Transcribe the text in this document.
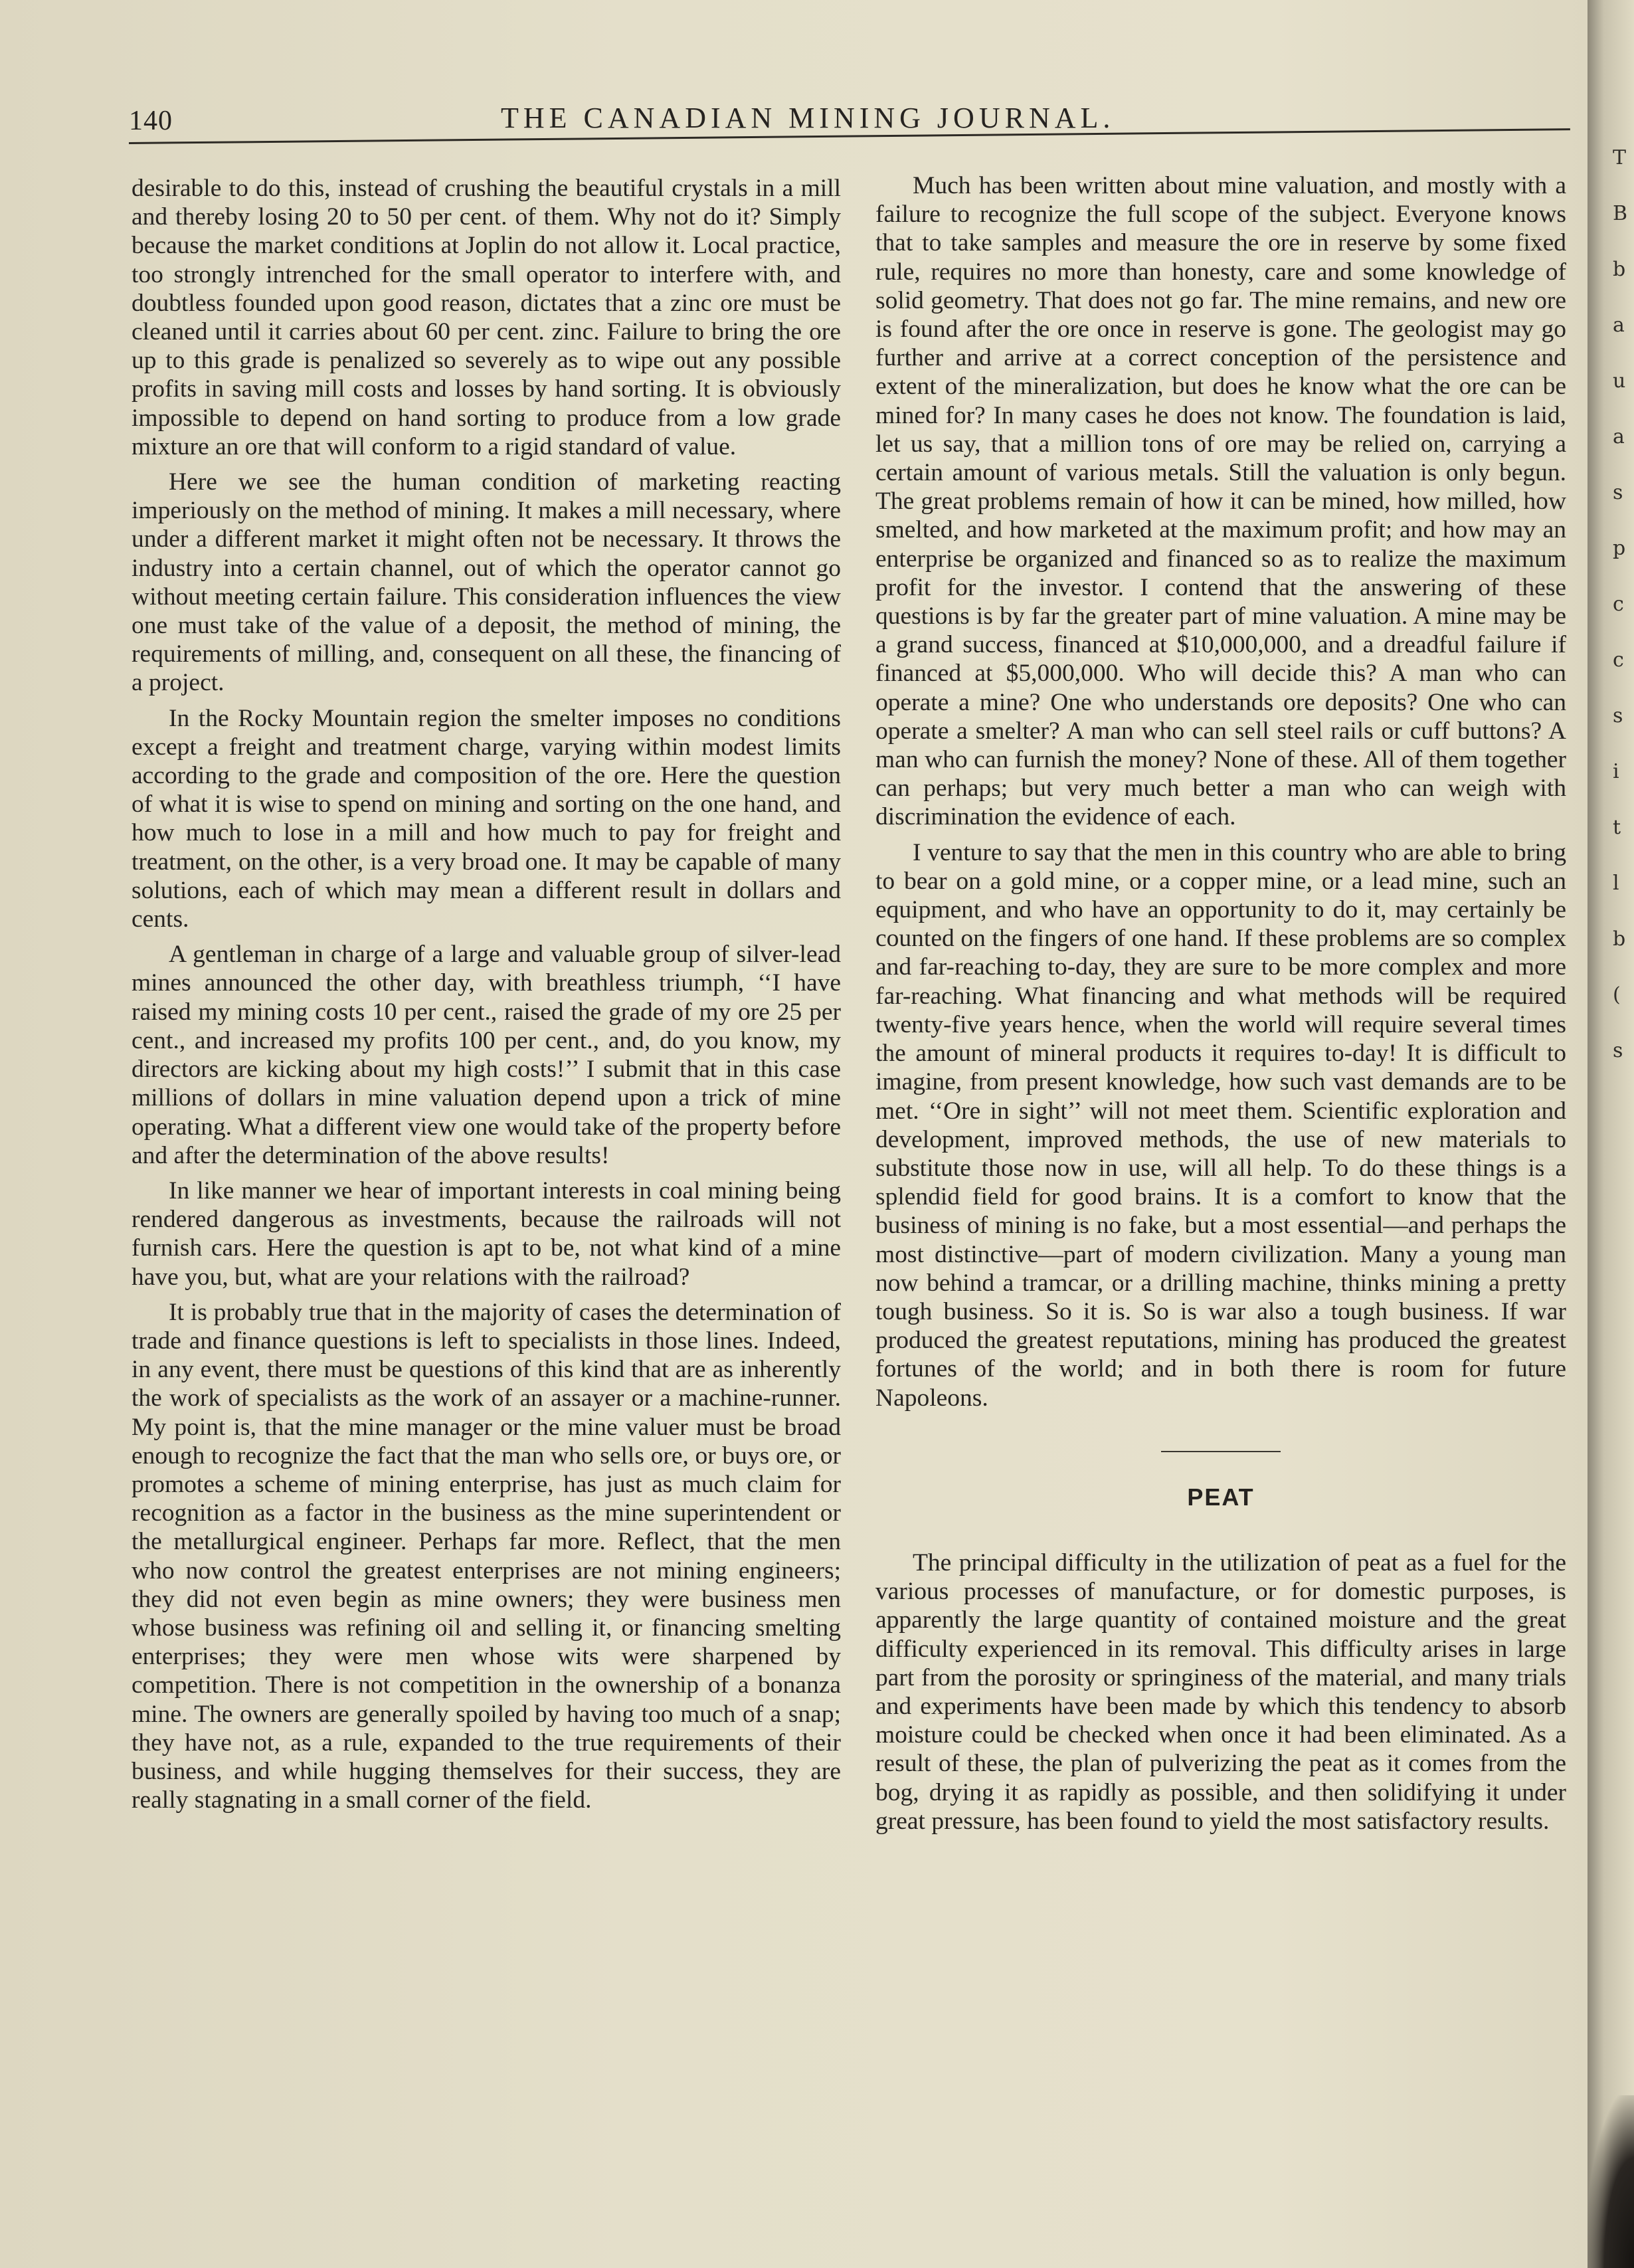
140	THE CANADIAN MINING JOURNAL.

desirable to do this, instead of crushing the beautiful crystals in a mill and thereby losing 20 to 50 per cent. of them. Why not do it? Simply because the market conditions at Joplin do not allow it. Local practice, too strongly intrenched for the small operator to interfere with, and doubtless founded upon good reason, dictates that a zinc ore must be cleaned until it carries about 60 per cent. zinc. Failure to bring the ore up to this grade is penalized so severely as to wipe out any possible profits in saving mill costs and losses by hand sorting. It is obviously impossible to depend on hand sorting to produce from a low grade mixture an ore that will conform to a rigid standard of value.

Here we see the human condition of marketing reacting imperiously on the method of mining. It makes a mill necessary, where under a different market it might often not be necessary. It throws the industry into a certain channel, out of which the operator cannot go without meeting certain failure. This consideration influences the view one must take of the value of a deposit, the method of mining, the requirements of milling, and, consequent on all these, the financing of a project.

In the Rocky Mountain region the smelter imposes no conditions except a freight and treatment charge, varying within modest limits according to the grade and composition of the ore. Here the question of what it is wise to spend on mining and sorting on the one hand, and how much to lose in a mill and how much to pay for freight and treatment, on the other, is a very broad one. It may be capable of many solutions, each of which may mean a different result in dollars and cents.

A gentleman in charge of a large and valuable group of silver-lead mines announced the other day, with breathless triumph, ‘‘I have raised my mining costs 10 per cent., raised the grade of my ore 25 per cent., and increased my profits 100 per cent., and, do you know, my directors are kicking about my high costs!’’ I submit that in this case millions of dollars in mine valuation depend upon a trick of mine operating. What a different view one would take of the property before and after the determination of the above results!

In like manner we hear of important interests in coal mining being rendered dangerous as investments, because the railroads will not furnish cars. Here the question is apt to be, not what kind of a mine have you, but, what are your relations with the railroad?

It is probably true that in the majority of cases the determination of trade and finance questions is left to specialists in those lines. Indeed, in any event, there must be questions of this kind that are as inherently the work of specialists as the work of an assayer or a machine-runner. My point is, that the mine manager or the mine valuer must be broad enough to recognize the fact that the man who sells ore, or buys ore, or promotes a scheme of mining enterprise, has just as much claim for recognition as a factor in the business as the mine superintendent or the metallurgical engineer. Perhaps far more. Reflect, that the men who now control the greatest enterprises are not mining engineers; they did not even begin as mine owners; they were business men whose business was refining oil and selling it, or financing smelting enterprises; they were men whose wits were sharpened by competition. There is not competition in the ownership of a bonanza mine. The owners are generally spoiled by having too much of a snap; they have not, as a rule, expanded to the true requirements of their business, and while hugging themselves for their success, they are really stagnating in a small corner of the field.

Much has been written about mine valuation, and mostly with a failure to recognize the full scope of the subject. Everyone knows that to take samples and measure the ore in reserve by some fixed rule, requires no more than honesty, care and some knowledge of solid geometry. That does not go far. The mine remains, and new ore is found after the ore once in reserve is gone. The geologist may go further and arrive at a correct conception of the persistence and extent of the mineralization, but does he know what the ore can be mined for? In many cases he does not know. The foundation is laid, let us say, that a million tons of ore may be relied on, carrying a certain amount of various metals. Still the valuation is only begun. The great problems remain of how it can be mined, how milled, how smelted, and how marketed at the maximum profit; and how may an enterprise be organized and financed so as to realize the maximum profit for the investor. I contend that the answering of these questions is by far the greater part of mine valuation. A mine may be a grand success, financed at $10,000,000, and a dreadful failure if financed at $5,000,000. Who will decide this? A man who can operate a mine? One who understands ore deposits? One who can operate a smelter? A man who can sell steel rails or cuff buttons? A man who can furnish the money? None of these. All of them together can perhaps; but very much better a man who can weigh with discrimination the evidence of each.

I venture to say that the men in this country who are able to bring to bear on a gold mine, or a copper mine, or a lead mine, such an equipment, and who have an opportunity to do it, may certainly be counted on the fingers of one hand. If these problems are so complex and far-reaching to-day, they are sure to be more complex and more far-reaching. What financing and what methods will be required twenty-five years hence, when the world will require several times the amount of mineral products it requires to-day! It is difficult to imagine, from present knowledge, how such vast demands are to be met. ‘‘Ore in sight’’ will not meet them. Scientific exploration and development, improved methods, the use of new materials to substitute those now in use, will all help. To do these things is a splendid field for good brains. It is a comfort to know that the business of mining is no fake, but a most essential—and perhaps the most distinctive—part of modern civilization. Many a young man now behind a tramcar, or a drilling machine, thinks mining a pretty tough business. So it is. So is war also a tough business. If war produced the greatest reputations, mining has produced the greatest fortunes of the world; and in both there is room for future Napoleons.

PEAT

The principal difficulty in the utilization of peat as a fuel for the various processes of manufacture, or for domestic purposes, is apparently the large quantity of contained moisture and the great difficulty experienced in its removal. This difficulty arises in large part from the porosity or springiness of the material, and many trials and experiments have been made by which this tendency to absorb moisture could be checked when once it had been eliminated. As a result of these, the plan of pulverizing the peat as it comes from the bog, drying it as rapidly as possible, and then solidifying it under great pressure, has been found to yield the most satisfactory results.

T
B
b
a
u
a
s
p
c
c
s
i
t
l
b
(
s
